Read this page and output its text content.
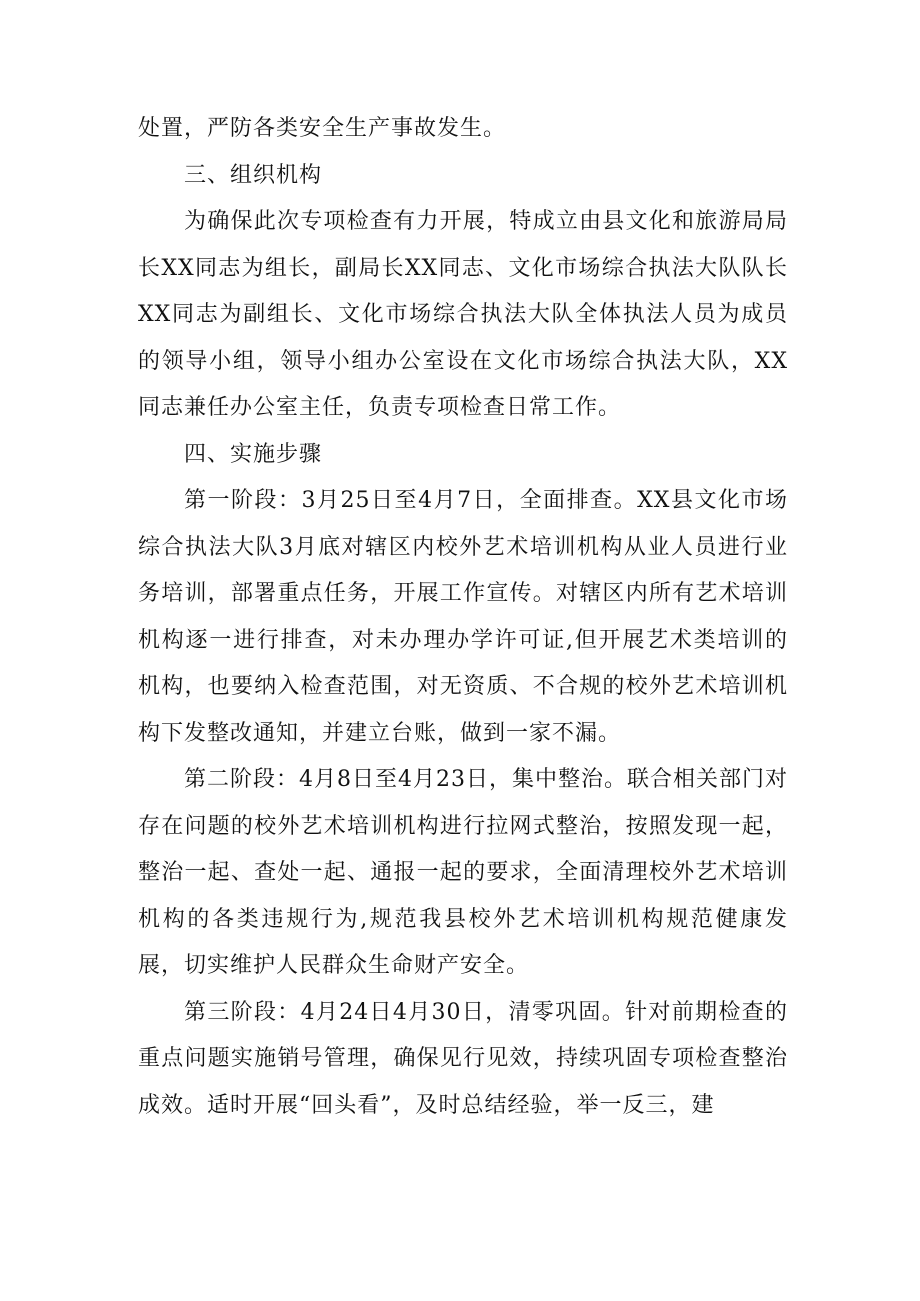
处置，严防各类安全生产事故发生。

三、组织机构

为确保此次专项检查有力开展，特成立由县文化和旅游局局长XX同志为组长，副局长XX同志、文化市场综合执法大队队长XX同志为副组长、文化市场综合执法大队全体执法人员为成员的领导小组，领导小组办公室设在文化市场综合执法大队，XX同志兼任办公室主任，负责专项检查日常工作。

四、实施步骤

第一阶段：3月25日至4月7日，全面排查。XX县文化市场综合执法大队3月底对辖区内校外艺术培训机构从业人员进行业务培训，部署重点任务，开展工作宣传。对辖区内所有艺术培训机构逐一进行排查，对未办理办学许可证,但开展艺术类培训的机构，也要纳入检查范围，对无资质、不合规的校外艺术培训机构下发整改通知，并建立台账，做到一家不漏。

第二阶段：4月8日至4月23日，集中整治。联合相关部门对存在问题的校外艺术培训机构进行拉网式整治，按照发现一起，整治一起、查处一起、通报一起的要求，全面清理校外艺术培训机构的各类违规行为,规范我县校外艺术培训机构规范健康发展，切实维护人民群众生命财产安全。

第三阶段：4月24日4月30日，清零巩固。针对前期检查的重点问题实施销号管理，确保见行见效，持续巩固专项检查整治成效。适时开展“回头看”，及时总结经验，举一反三，建
